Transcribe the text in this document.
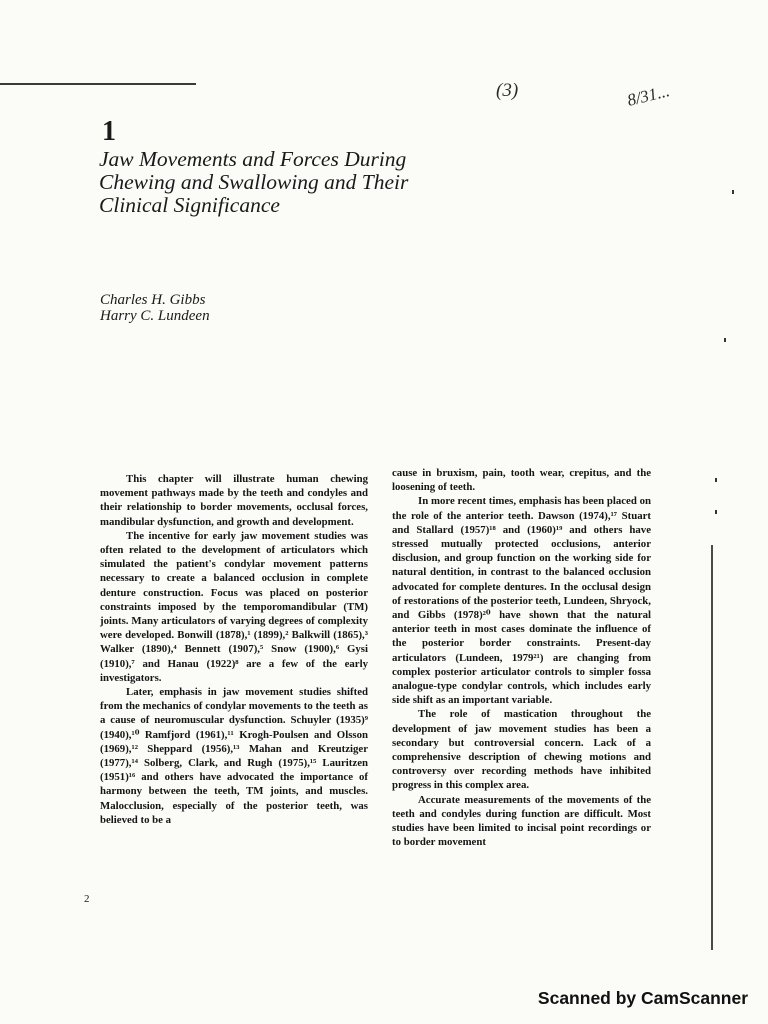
(3)	8/31...
1
Jaw Movements and Forces During Chewing and Swallowing and Their Clinical Significance
Charles H. Gibbs
Harry C. Lundeen

This chapter will illustrate human chewing movement pathways made by the teeth and condyles and their relationship to border movements, occlusal forces, mandibular dysfunction, and growth and development.

The incentive for early jaw movement studies was often related to the development of articulators which simulated the patient's condylar movement patterns necessary to create a balanced occlusion in complete denture construction. Focus was placed on posterior constraints imposed by the temporomandibular (TM) joints. Many articulators of varying degrees of complexity were developed. Bonwill (1878),¹ (1899),² Balkwill (1865),³ Walker (1890),⁴ Bennett (1907),⁵ Snow (1900),⁶ Gysi (1910),⁷ and Hanau (1922)⁸ are a few of the early investigators.

Later, emphasis in jaw movement studies shifted from the mechanics of condylar movements to the teeth as a cause of neuromuscular dysfunction. Schuyler (1935)⁹ (1940),¹⁰ Ramfjord (1961),¹¹ Krogh-Poulsen and Olsson (1969),¹² Sheppard (1956),¹³ Mahan and Kreutziger (1977),¹⁴ Solberg, Clark, and Rugh (1975),¹⁵ Lauritzen (1951)¹⁶ and others have advocated the importance of harmony between the teeth, TM joints, and muscles. Malocclusion, especially of the posterior teeth, was believed to be a

cause in bruxism, pain, tooth wear, crepitus, and the loosening of teeth.

In more recent times, emphasis has been placed on the role of the anterior teeth. Dawson (1974),¹⁷ Stuart and Stallard (1957)¹⁸ and (1960)¹⁹ and others have stressed mutually protected occlusions, anterior disclusion, and group function on the working side for natural dentition, in contrast to the balanced occlusion advocated for complete dentures. In the occlusal design of restorations of the posterior teeth, Lundeen, Shryock, and Gibbs (1978)²⁰ have shown that the natural anterior teeth in most cases dominate the influence of the posterior border constraints. Present-day articulators (Lundeen, 1979²¹) are changing from complex posterior articulator controls to simpler fossa analogue-type condylar controls, which includes early side shift as an important variable.

The role of mastication throughout the development of jaw movement studies has been a secondary but controversial concern. Lack of a comprehensive description of chewing motions and controversy over recording methods have inhibited progress in this complex area.

Accurate measurements of the movements of the teeth and condyles during function are difficult. Most studies have been limited to incisal point recordings or to border movement

2
Scanned by CamScanner
